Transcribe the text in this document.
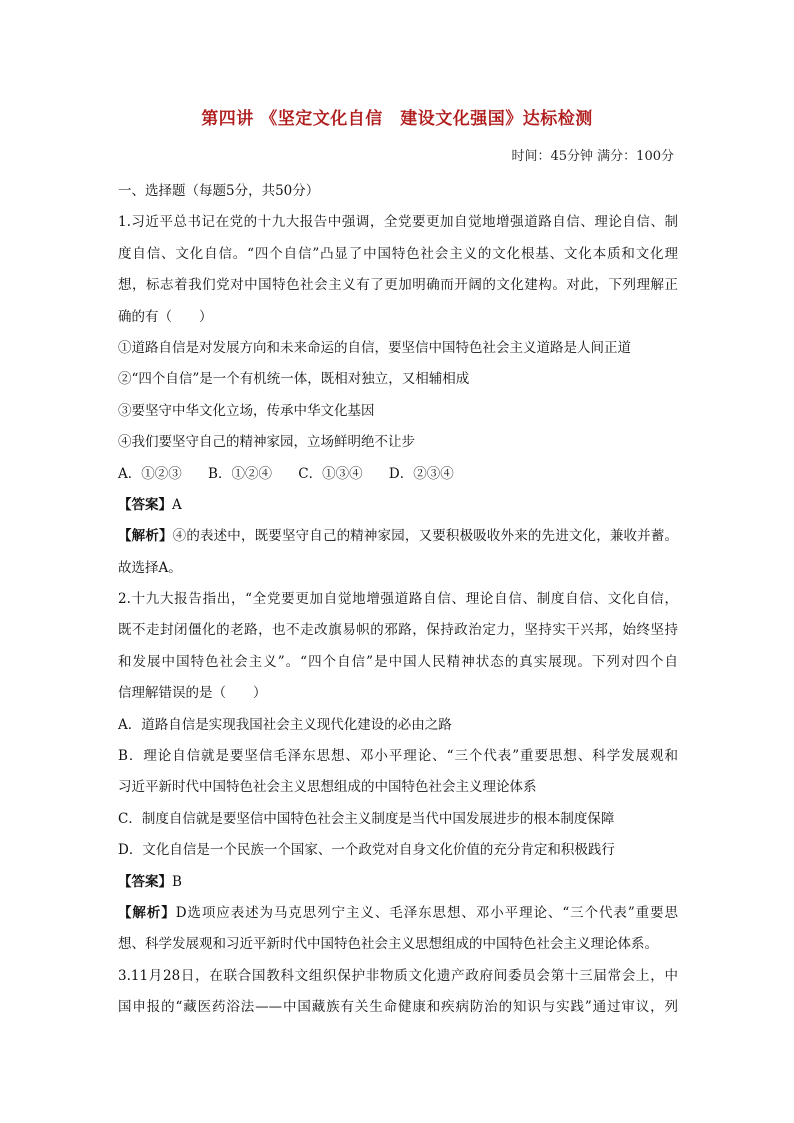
第四讲 《坚定文化自信　建设文化强国》达标检测
时间：45分钟 满分：100分
一、选择题（每题5分，共50分）
1.习近平总书记在党的十九大报告中强调，全党要更加自觉地增强道路自信、理论自信、制
度自信、文化自信。“四个自信”凸显了中国特色社会主义的文化根基、文化本质和文化理
想，标志着我们党对中国特色社会主义有了更加明确而开阔的文化建构。对此，下列理解正
确的有（　　）
①道路自信是对发展方向和未来命运的自信，要坚信中国特色社会主义道路是人间正道
②“四个自信”是一个有机统一体，既相对独立，又相辅相成
③要坚守中华文化立场，传承中华文化基因
④我们要坚守自己的精神家园，立场鲜明绝不让步
A．①②③ B．①②④ C．①③④ D．②③④
【答案】A
【解析】④的表述中，既要坚守自己的精神家园，又要积极吸收外来的先进文化，兼收并蓄。
故选择A。
2.十九大报告指出，“全党要更加自觉地增强道路自信、理论自信、制度自信、文化自信，
既不走封闭僵化的老路，也不走改旗易帜的邪路，保持政治定力，坚持实干兴邦，始终坚持
和发展中国特色社会主义”。“四个自信”是中国人民精神状态的真实展现。下列对四个自
信理解错误的是（　　）
A．道路自信是实现我国社会主义现代化建设的必由之路
B．理论自信就是要坚信毛泽东思想、邓小平理论、“三个代表”重要思想、科学发展观和
习近平新时代中国特色社会主义思想组成的中国特色社会主义理论体系
C．制度自信就是要坚信中国特色社会主义制度是当代中国发展进步的根本制度保障
D．文化自信是一个民族一个国家、一个政党对自身文化价值的充分肯定和积极践行
【答案】B
【解析】D选项应表述为马克思列宁主义、毛泽东思想、邓小平理论、“三个代表”重要思
想、科学发展观和习近平新时代中国特色社会主义思想组成的中国特色社会主义理论体系。
3.11月28日，在联合国教科文组织保护非物质文化遗产政府间委员会第十三届常会上，中
国申报的“藏医药浴法——中国藏族有关生命健康和疾病防治的知识与实践”通过审议，列
